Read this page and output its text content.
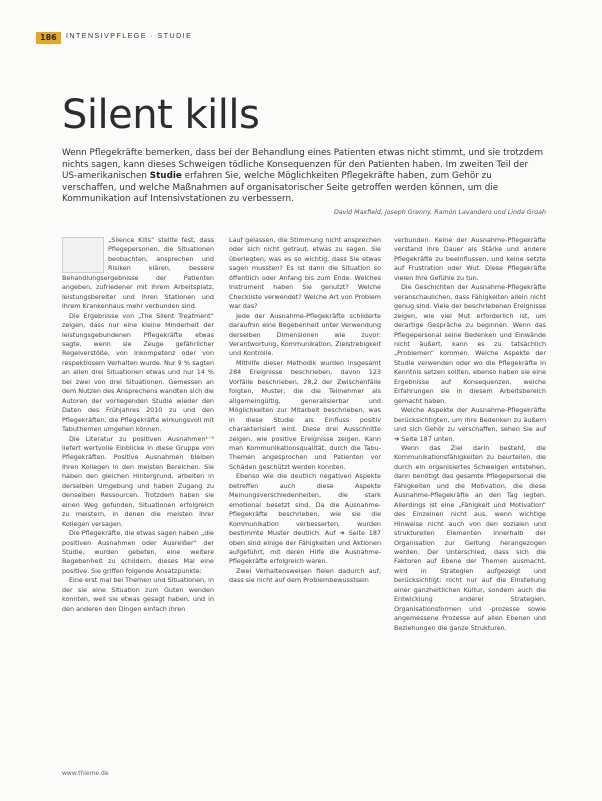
186	INTENSIVPFLEGE · STUDIE
Silent kills

Wenn Pflegekräfte bemerken, dass bei der Behandlung eines Patienten etwas nicht stimmt, und sie trotzdem nichts sagen, kann dieses Schweigen tödliche Konsequenzen für den Patienten haben. Im zweiten Teil der US-amerikanischen Studie erfahren Sie, welche Möglichkeiten Pflegekräfte haben, zum Gehör zu verschaffen, und welche Maßnahmen auf organisatorischer Seite getroffen werden können, um die Kommunikation auf Intensivstationen zu verbessern.

David Maxfield, Joseph Grenny, Ramón Lavandero und Linda Groah

„Silence Kills“ stellte fest, dass Pflegepersonen, die Situationen beobachten, ansprechen und Risiken klären, bessere Behandlungsergebnisse der Patienten angeben, zufriedener mit ihrem Arbeitsplatz, leistungsbereiter und ihren Stationen und ihrem Krankenhaus mehr verbunden sind.

Die Ergebnisse von „The Silent Treatment“ zeigen, dass nur eine kleine Minderheit der leistungsgebundenen Pflegekräfte etwas sagte, wenn sie Zeuge gefährlicher Regelverstöße, von Inkompetenz oder von respektlosem Verhalten wurde. Nur 9 % sagten an allen drei Situationen etwas und nur 14 % bei zwei von drei Situationen. Gemessen an dem Nutzen des Ansprechens wandten sich die Autoren der vorliegenden Studie wieder den Daten des Frühjahres 2010 zu und den Pflegekräften, die Pflegekräfte wirkungsvoll mit Tabuthemen umgehen können.

Die Literatur zu positiven Ausnahmen¹⁻³ liefert wertvolle Einblicke in diese Gruppe von Pflegekräften. Positive Ausnahmen bleiben Ihren Kollegen in den meisten Bereichen. Sie haben den gleichen Hintergrund, arbeiten in derselben Umgebung und haben Zugang zu denselben Ressourcen. Trotzdem haben sie einen Weg gefunden, Situationen erfolgreich zu meistern, in denen die meisten ihrer Kollegen versagen.

Die Pflegekräfte, die etwas sagen haben „die positiven Ausnahmen oder Ausreißer“ der Studie, wurden gebeten, eine weitere Begebenheit zu schildern, dieses Mal eine positive. Sie griffen folgende Ansatzpunkte:

Eine erst mal bei Themen und Situationen, in der sie eine Situation zum Guten wenden konnten, weil sie etwas gesagt haben, und in den anderen den Dingen einfach ihren

Lauf gelassen, die Stimmung nicht ansprechen oder sich nicht getraut, etwas zu sagen. Sie überlegten, was es so wichtig, dass Sie etwas sagen mussten? Es ist dann die Situation so öffentlich oder Anfang bis zum Ende. Welches Instrument haben Sie genutzt? Welche Checkliste verwendet? Welche Art von Problem war das?

Jede der Ausnahme-Pflegekräfte schilderte daraufhin eine Begebenheit unter Verwendung derselben Dimensionen wie zuvor: Verantwortung, Kommunikation, Zielstrebigkeit und Kontrolle.

Mithilfe dieser Methodik wurden insgesamt 284 Ereignisse beschrieben, davon 123 Vorfälle beschrieben, 28,2 der Zwischenfälle folgten, Muster, die die Teilnehmer als allgemeingültig, generalisierbar und Möglichkeiten zur Mitarbeit beschrieben, was in diese Studie als Einfluss positiv charakterisiert wird. Diese drei Ausschnitte zeigen, wie positive Ereignisse zeigen. Kann man Kommunikationsqualität, durch die Tabu-Themen angesprochen und Patienten vor Schäden geschützt werden konnten.

Ebenso wie die deutlich negativen Aspekte betreffen auch diese Aspekte Meinungsverschiedenheiten, die stark emotional besetzt sind. Da die Ausnahme-Pflegekräfte beschrieben, wie sie die Kommunikation verbesserten, wurden bestimmte Muster deutlich. Auf ➜ Seite 187 oben sind einige der Fähigkeiten und Aktionen aufgeführt, mit deren Hilfe die Ausnahme-Pflegekräfte erfolgreich waren.

Zwei Verhaltensweisen fielen dadurch auf, dass sie nicht auf dem Problembewusstsein

verbunden. Keine der Ausnahme-Pflegekräfte verstand ihre Dauer als Stärke und andere Pflegekräfte zu beeinflussen, und keine setzte auf Frustration oder Wut. Diese Pflegekräfte vielen Ihre Gefühle zu tun.

Die Geschichten der Ausnahme-Pflegekräfte veranschaulichen, dass Fähigkeiten allein nicht genug sind. Viele der beschriebenen Ereignisse zeigen, wie viel Mut erforderlich ist, um derartige Gespräche zu beginnen. Wenn das Pflegepersonal seine Bedenken und Einwände nicht äußert, kann es zu tatsächlich „Problemen“ kommen. Welche Aspekte der Studie verwenden oder wo die Pflegekräfte in Kenntnis setzen sollten, ebenso haben sie eine Ergebnisse auf Konsequenzen, welche Erfahrungen sie in diesem Arbeitsbereich gemacht haben.

Welche Aspekte der Ausnahme-Pflegekräfte berücksichtigten, um ihre Bedenken zu äußern und sich Gehör zu verschaffen, sehen Sie auf ➜ Seite 187 unten.

Wenn das Ziel darin besteht, die Kommunikationsfähigkeiten zu beurteilen, die durch ein organisiertes Schweigen entstehen, dann benötigt das gesamte Pflegepersonal die Fähigkeiten und die Motivation, die diese Ausnahme-Pflegekräfte an den Tag legten. Allerdings ist eine „Fähigkeit und Motivation“ des Einzelnen nicht aus, wenn wichtige Hinweise nicht auch von den sozialen und strukturellen Elementen innerhalb der Organisation zur Geltung herangezogen werden. Der Unterschied, dass sich die Faktoren auf Ebene der Themen ausmacht, wird in Strategien aufgezeigt und berücksichtigt: nicht nur auf die Einstellung einer ganzheitlichen Kultur, sondern auch die Entwicklung anderer Strategien, Organisationsformen und -prozesse sowie angemessene Prozesse auf allen Ebenen und Beziehungen die ganze Strukturen.

www.thieme.de
